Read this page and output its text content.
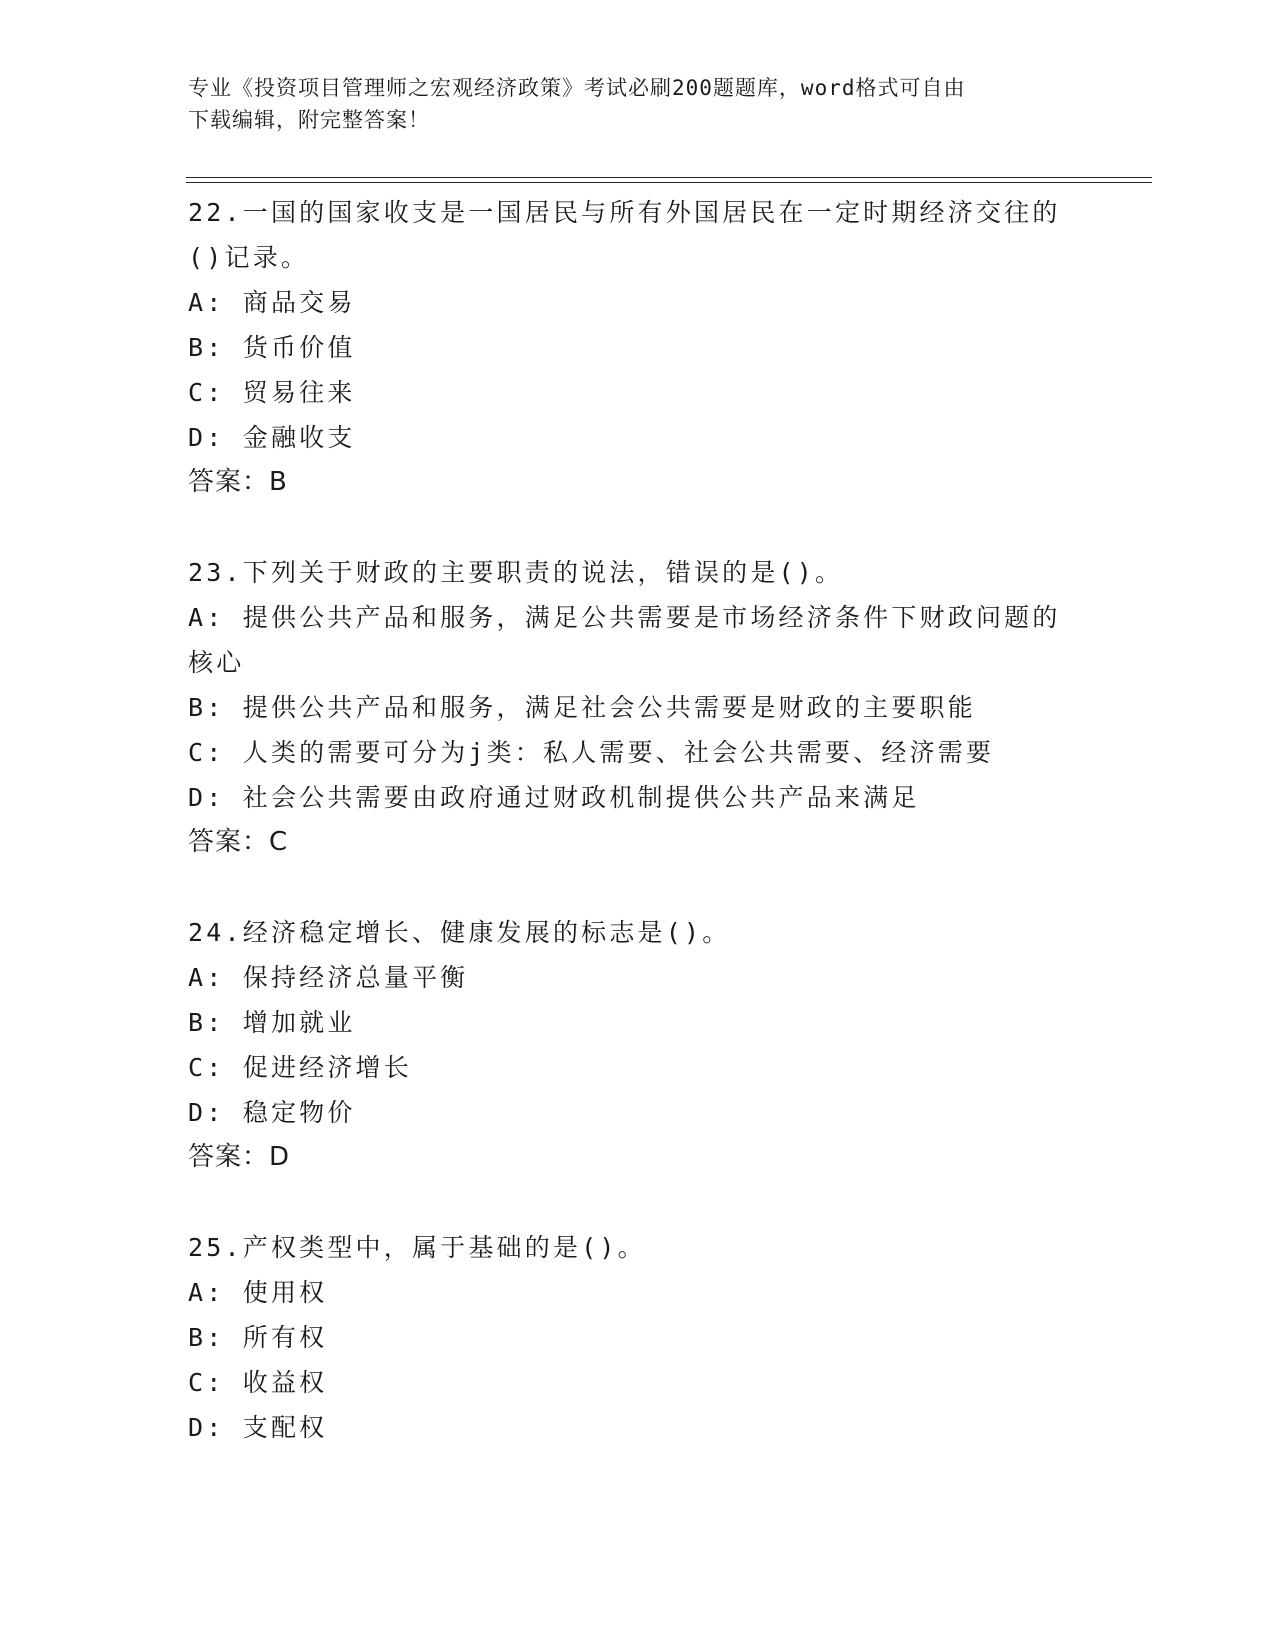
专业《投资项目管理师之宏观经济政策》考试必刷200题题库，word格式可自由
下载编辑，附完整答案！
22.一国的国家收支是一国居民与所有外国居民在一定时期经济交往的
()记录。
A: 商品交易
B: 货币价值
C: 贸易往来
D: 金融收支
答案：B
23.下列关于财政的主要职责的说法，错误的是()。
A: 提供公共产品和服务，满足公共需要是市场经济条件下财政问题的
核心
B: 提供公共产品和服务，满足社会公共需要是财政的主要职能
C: 人类的需要可分为j类：私人需要、社会公共需要、经济需要
D: 社会公共需要由政府通过财政机制提供公共产品来满足
答案：C
24.经济稳定增长、健康发展的标志是()。
A: 保持经济总量平衡
B: 增加就业
C: 促进经济增长
D: 稳定物价
答案：D
25.产权类型中，属于基础的是()。
A: 使用权
B: 所有权
C: 收益权
D: 支配权
